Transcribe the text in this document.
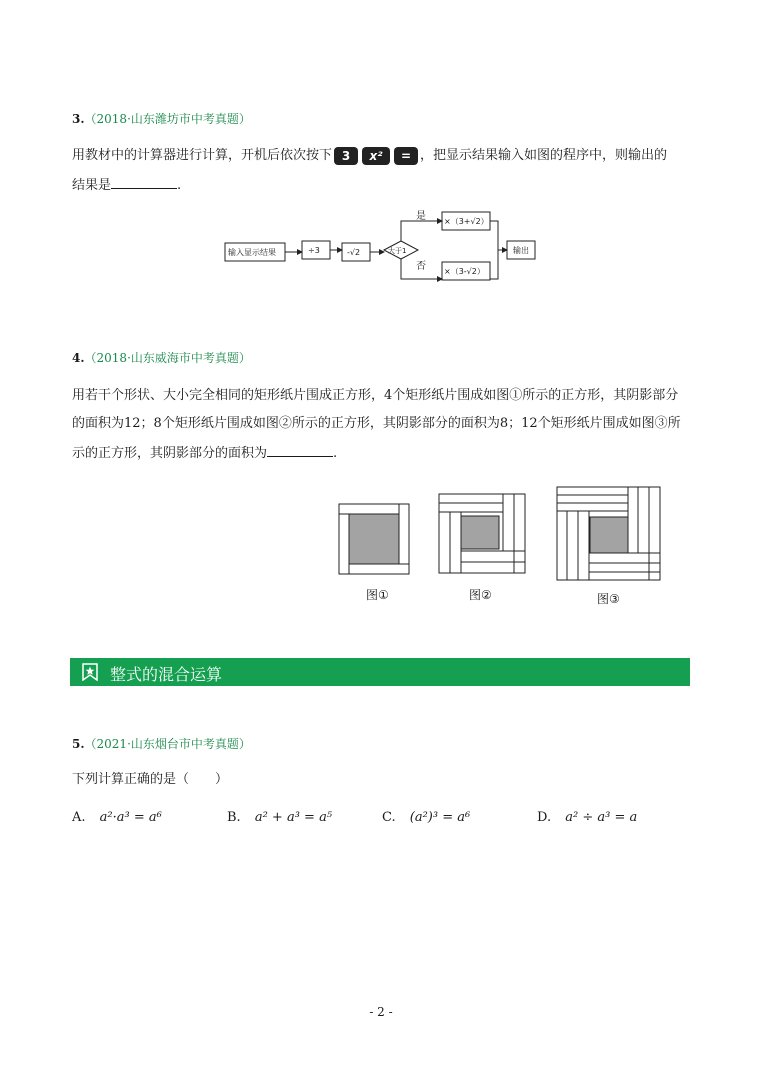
3.（2018·山东潍坊市中考真题）
用教材中的计算器进行计算，开机后依次按下 3 x² = ，把显示结果输入如图的程序中，则输出的
结果是	.
输入显示结果	÷3	-√2	大于1
是
否
×（3+√2）
×（3-√2）
输出
4.（2018·山东威海市中考真题）
用若干个形状、大小完全相同的矩形纸片围成正方形，4个矩形纸片围成如图①所示的正方形，其阴影部分
的面积为12；8个矩形纸片围成如图②所示的正方形，其阴影部分的面积为8；12个矩形纸片围成如图③所
示的正方形，其阴影部分的面积为	.
图①	图②	图③
整式的混合运算
5.（2021·山东烟台市中考真题）
下列计算正确的是（　　）
A. a²·a³ = a⁶	B. a² + a³ = a⁵	C. (a²)³ = a⁶	D. a² ÷ a³ = a
- 2 -
